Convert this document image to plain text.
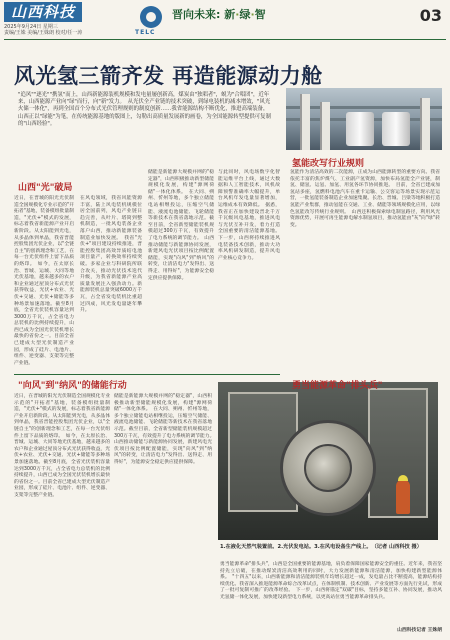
山西科技
2025年9月24日 星期三
责编/王姝 美编/王姝朗 校对/任一涛	TELC
晋向未来: 新·绿·智	03
风光氢三箭齐发 再造能源动力舱
"追风""逐光""携氢"而上，山西新能源装机规模和发电量屡创新高，煤炭由"独唱者"，蜕为"合唱团"，近年来，山西能源产业向"绿"而行，向"新"发力。　从光伏全产业链的技术突破，到绿电装机的减本增效，"风光火储一体化"，再到全国首个分布式光伏管理规则的制度创新……我省能源结构不断优化，推进高端装备，山西正以"绿能"为笔，在传统能源基地的版图上，勾勒出高质量发展新的画卷，为全国能源转型提供可复制的"山西经验"。
山西"光"破局
近日，在晋城的阳光光伏制造全国规模化专业示范的"开拓者"基地，装备模组批量制造，"光伏+"模式的发展，标志着我省新能源产业开启新阶段。从太阳能到光电，从多晶体到单晶，我省晋能控股集团光伏企业，以"全链自主"的创新理念和工艺，在每一台光伏组件上留下品质的烙印。　如今，在太原长治、晋城、运城、大同等地光伏基地，越来越多的农户和企业通过屋顶分布式光伏获得收益，光伏+农业、光伏+交通、光伏+储能等多种场景加速落地。截至8月底，全省光伏装机容量达到3000万千瓦，占全省电力总装机的比例持续提升，山西已成为全国光伏装机增长最快的省份之一。目前全省已建成大型光伏制造产业园，形成了硅片、电池片、组件、逆变器、支架等完整产业链。
在风电领域，我省风能资源丰富，陆上风电装机规模位居全国前列，风电产业链日趋完善，从叶片、塔筒到整机制造，一批风电装备企业落户山西，推动新能源装备制造业加快发展。　我省"光伏+"项目建设持续推进，晋能控股集团高效异质结电池项目量产，转换效率持续突破。多家企业与科研院所联合攻关，推动光伏技术迭代升级，为我省新能源产业高质量发展注入强劲动力。新能源装机总量突破6000万千瓦，占全省发电装机比重超过四成，风光发电量逐年攀升。
储能是新能源大规模并网的"稳定器"，山西积极推动新型储能规模化发展，构建"源网荷储"一体化体系。　在大同、朔州、忻州等地，多个独立储能电站相继投运，压缩空气储能、液流电池储能、飞轮储能等新技术在我省落地示范。截至目前，全省新型储能装机规模超过300万千瓦，有效提升了电力系统的调节能力。　山西推动储能与新能源协同发展，新建风电光伏项目按比例配置储能，实现"向风"到"纳风"的转变，让清洁电力"发得出、送得走、用得好"，为能源安全稳定供应提供保障。
与此同时，风电场数字化智能运维平台上线，通过大数据和人工智能技术，风机故障预警准确率大幅提升，单台风机年发电量显著增加，运维成本有效降低。　据悉，我省正在加快建设晋北千万千瓦级风电基地，推进风电与光伏互补开发，着力打造全国重要的清洁能源基地。下一步，山西将持续推进风电装备技术创新，推动大功率风机研发制造，提升风电产业核心竞争力。
氢能改写行业规则
氢能作为清洁高效的二次能源，正成为山西能源转型的重要方向。我省依托丰富的焦炉煤气、工业副产氢资源，加快布局氢能全产业链，制氢、储氢、运氢、加氢、用氢各环节协同推进。　目前，全省已建成加氢站多座，氢燃料电池汽车在重卡运输、公交客运等场景实现示范运营，一批氢能装备制造企业加速集聚。长治、晋城、吕梁等地积极打造氢能产业集群，推动氢能在交通、工业、储能等领域规模化应用，以绿色氢能改写传统行业规则。　山西还积极探索绿电制氢路径，利用风光资源优势，开展可再生能源电解水制氢项目，推动氢能由"灰"向"绿"转变。
"向风"到"纳风"的储能行动
近日，在晋城的阳光光伏制造全国规模化专业示范的"开拓者"基地，装备模组批量制造，"光伏+"模式的发展，标志着我省新能源产业开启新阶段。从太阳能到光电，从多晶体到单晶，我省晋能控股集团光伏企业，以"全链自主"的创新理念和工艺，在每一台光伏组件上留下品质的烙印。　如今，在太原长治、晋城、运城、大同等地光伏基地，越来越多的农户和企业通过屋顶分布式光伏获得收益，光伏+农业、光伏+交通、光伏+储能等多种场景加速落地。截至8月底，全省光伏装机容量达到3000万千瓦，占全省电力总装机的比例持续提升，山西已成为全国光伏装机增长最快的省份之一。目前全省已建成大型光伏制造产业园，形成了硅片、电池片、组件、逆变器、支架等完整产业链。
储能是新能源大规模并网的"稳定器"，山西积极推动新型储能规模化发展，构建"源网荷储"一体化体系。　在大同、朔州、忻州等地，多个独立储能电站相继投运，压缩空气储能、液流电池储能、飞轮储能等新技术在我省落地示范。截至目前，全省新型储能装机规模超过300万千瓦，有效提升了电力系统的调节能力。　山西推动储能与新能源协同发展，新建风电光伏项目按比例配置储能，实现"向风"到"纳风"的转变，让清洁电力"发得出、送得走、用得好"，为能源安全稳定供应提供保障。
1.在液化天然气装置前。2.光伏发电站。3.在风电设备生产线上。　（记者 山西科技 摄）
勇当能源革命"排头兵"
勇当能源革命"排头兵"，山西是全国重要的能源基地，肩负着保障国家能源安全的重任。近年来，我省坚持先立后破，在推动煤炭清洁高效利用的同时，大力发展新能源和清洁能源，加快构建新型能源体系。　"十四五"以来，山西新能源和清洁能源装机年均增长超过一成，发电量占比不断提高，能源结构持续优化。我省深入推进能源革命综合改革试点，在体制机制、技术创新、产业发展等方面先行先试，形成了一批可复制可推广的改革经验。　下一步，山西将锚定"双碳"目标，坚持多能互补、协同发展，推动风光氢储一体化发展，加快建设新型电力系统，以更高站位勇当能源革命排头兵。
山西科技记者 王姝朗
